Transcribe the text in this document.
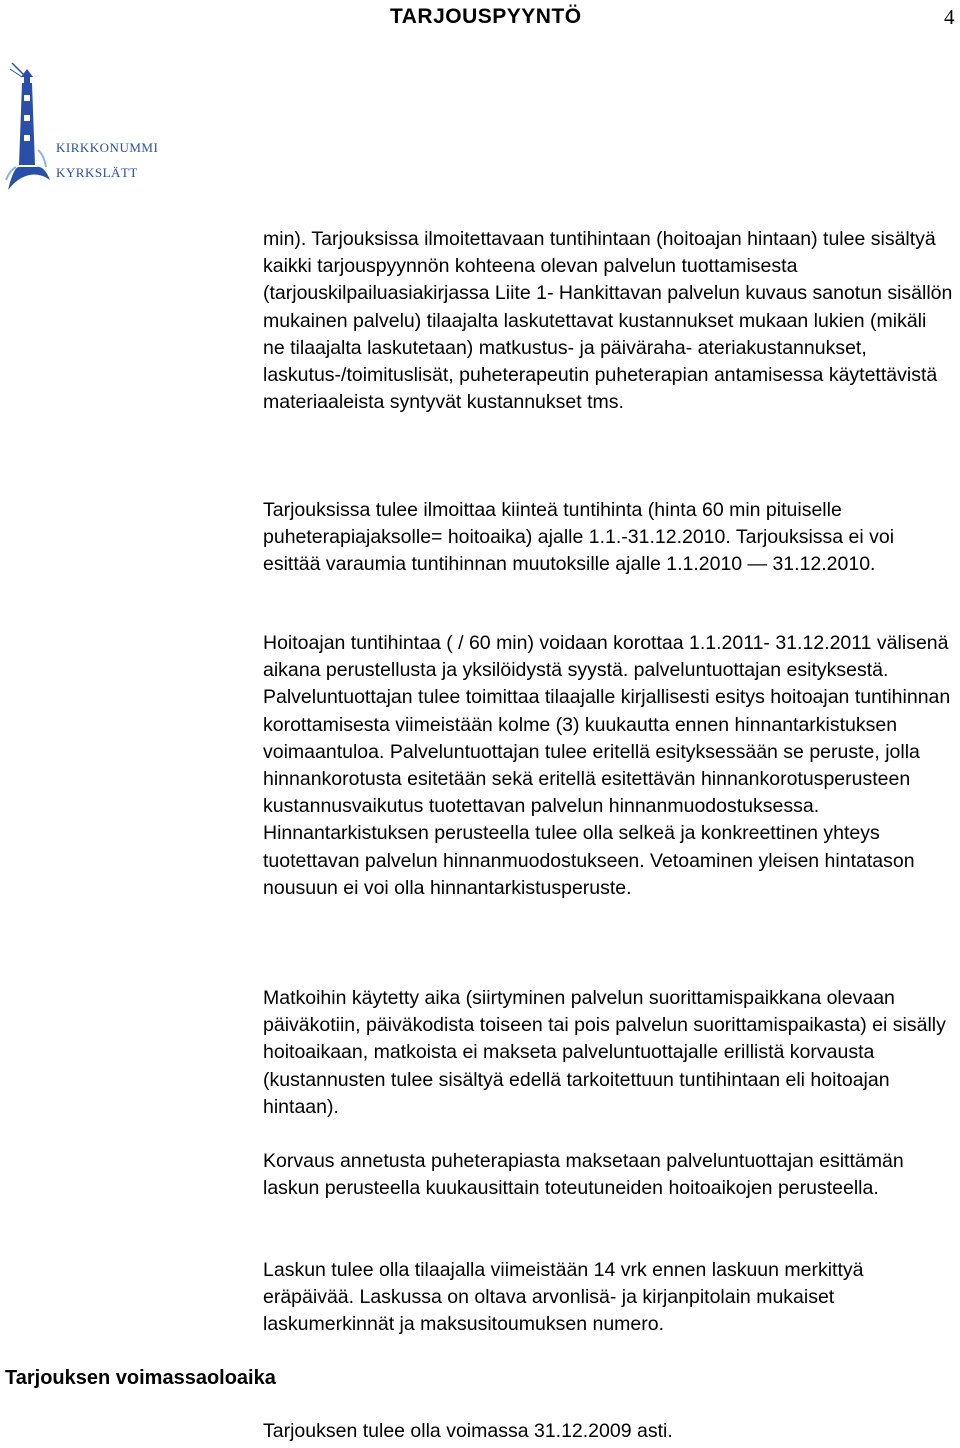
TARJOUSPYYNTÖ	4
KIRKKONUMMI
KYRKSLÄTT

min). Tarjouksissa ilmoitettavaan tuntihintaan (hoitoajan hintaan) tulee sisältyä kaikki tarjouspyynnön kohteena olevan palvelun tuottamisesta (tarjouskilpailuasiakirjassa Liite 1- Hankittavan palvelun kuvaus sanotun sisällön mukainen palvelu) tilaajalta laskutettavat kustannukset mukaan lukien (mikäli ne tilaajalta laskutetaan) matkustus- ja päiväraha- ateriakustannukset, laskutus-/toimituslisät, puheterapeutin puheterapian antamisessa käytettävistä materiaaleista syntyvät kustannukset tms.

Tarjouksissa tulee ilmoittaa kiinteä tuntihinta (hinta 60 min pituiselle puheterapiajaksolle= hoitoaika) ajalle 1.1.-31.12.2010. Tarjouksissa ei voi esittää varaumia tuntihinnan muutoksille ajalle 1.1.2010 — 31.12.2010.

Hoitoajan tuntihintaa ( / 60 min) voidaan korottaa 1.1.2011- 31.12.2011 välisenä aikana perustellusta ja yksilöidystä syystä. palveluntuottajan esityksestä. Palveluntuottajan tulee toimittaa tilaajalle kirjallisesti esitys hoitoajan tuntihinnan korottamisesta viimeistään kolme (3) kuukautta ennen hinnantarkistuksen voimaantuloa. Palveluntuottajan tulee eritellä esityksessään se peruste, jolla hinnankorotusta esitetään sekä eritellä esitettävän hinnankorotusperusteen kustannusvaikutus tuotettavan palvelun hinnanmuodostuksessa. Hinnantarkistuksen perusteella tulee olla selkeä ja konkreettinen yhteys tuotettavan palvelun hinnanmuodostukseen. Vetoaminen yleisen hintatason nousuun ei voi olla hinnantarkistusperuste.

Matkoihin käytetty aika (siirtyminen palvelun suorittamispaikkana olevaan päiväkotiin, päiväkodista toiseen tai pois palvelun suorittamispaikasta) ei sisälly hoitoaikaan, matkoista ei makseta palveluntuottajalle erillistä korvausta (kustannusten tulee sisältyä edellä tarkoitettuun tuntihintaan eli hoitoajan hintaan).

Korvaus annetusta puheterapiasta maksetaan palveluntuottajan esittämän laskun perusteella kuukausittain toteutuneiden hoitoaikojen perusteella.

Laskun tulee olla tilaajalla viimeistään 14 vrk ennen laskuun merkittyä eräpäivää. Laskussa on oltava arvonlisä- ja kirjanpitolain mukaiset laskumerkinnät ja maksusitoumuksen numero.

Tarjouksen voimassaoloaika

Tarjouksen tulee olla voimassa 31.12.2009 asti.
